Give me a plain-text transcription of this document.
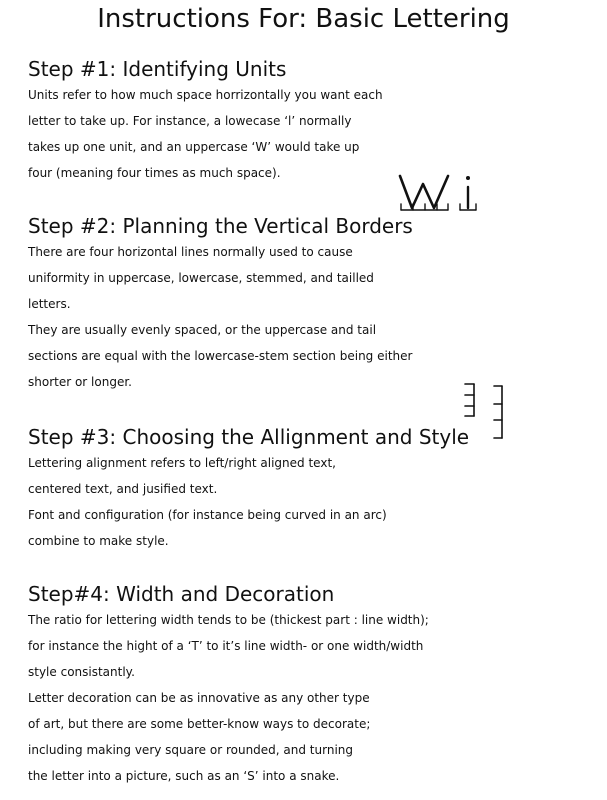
Instructions For: Basic Lettering
Step #1: Identifying Units
Units refer to how much space horrizontally you want each
letter to take up. For instance, a lowecase ‘l’ normally
takes up one unit, and an uppercase ‘W’ would take up
four (meaning four times as much space).
Step #2: Planning the Vertical Borders
There are four horizontal lines normally used to cause
uniformity in uppercase, lowercase, stemmed, and tailled
letters.
They are usually evenly spaced, or the uppercase and tail
sections are equal with the lowercase-stem section being either
shorter or longer.
Step #3: Choosing the Allignment and Style
Lettering alignment refers to left/right aligned text,
centered text, and jusified text.
Font and configuration (for instance being curved in an arc)
combine to make style.
Step#4: Width and Decoration
The ratio for lettering width tends to be (thickest part : line width);
for instance the hight of a ‘T’ to it’s line width- or one width/width
style consistantly.
Letter decoration can be as innovative as any other type
of art, but there are some better-know ways to decorate;
including making very square or rounded, and turning
the letter into a picture, such as an ‘S’ into a snake.
